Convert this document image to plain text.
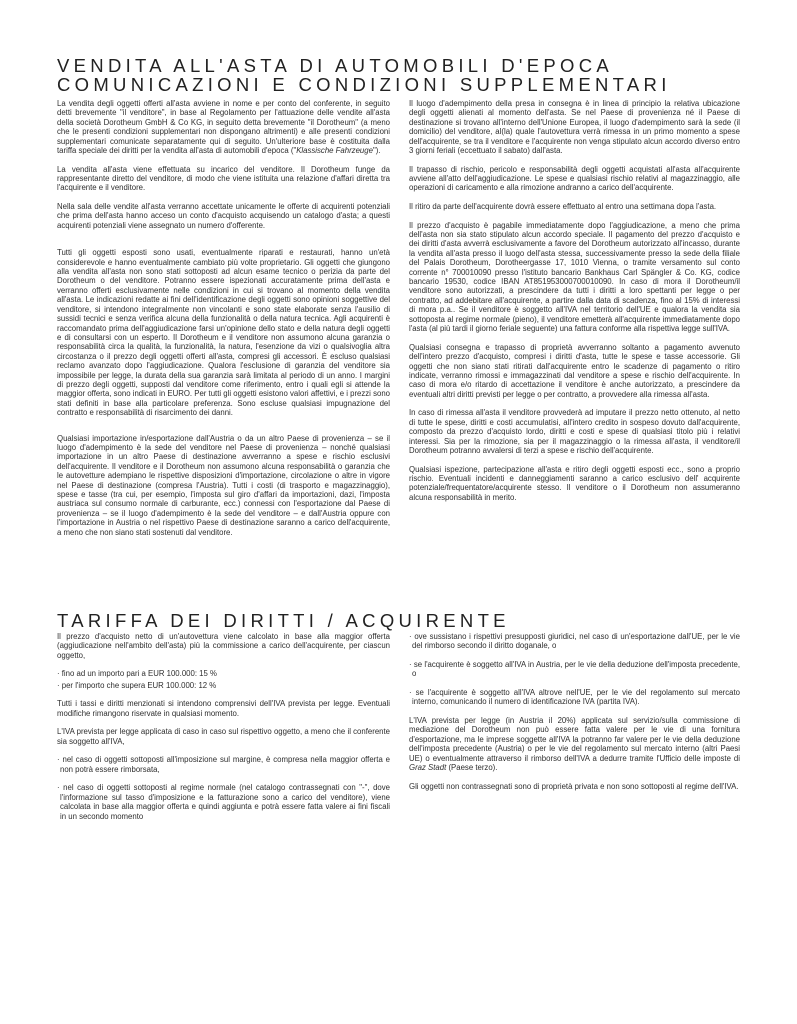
VENDITA ALL'ASTA DI AUTOMOBILI D'EPOCA
COMUNICAZIONI E CONDIZIONI SUPPLEMENTARI

La vendita degli oggetti offerti all'asta avviene in nome e per conto del conferente, in seguito detti brevemente "il venditore", in base al Regolamento per l'attuazione delle vendite all'asta della società Dorotheum GmbH & Co KG, in seguito detta brevemente "il Dorotheum" (a meno che le presenti condizioni supplementari non dispongano altrimenti) e alle presenti condizioni supplementari comunicate separatamente qui di seguito. Un'ulteriore base è costituita dalla tariffa speciale dei diritti per la vendita all'asta di automobili d'epoca ("Klassische Fahrzeuge").

La vendita all'asta viene effettuata su incarico del venditore. Il Dorotheum funge da rappresentante diretto del venditore, di modo che viene istituita una relazione d'affari diretta tra l'acquirente e il venditore.

Nella sala delle vendite all'asta verranno accettate unicamente le offerte di acquirenti potenziali che prima dell'asta hanno acceso un conto d'acquisto acquisendo un catalogo d'asta; a questi acquirenti potenziali viene assegnato un numero d'offerente.

Tutti gli oggetti esposti sono usati, eventualmente riparati e restaurati, hanno un'età considerevole e hanno eventualmente cambiato più volte proprietario. Gli oggetti che giungono alla vendita all'asta non sono stati sottoposti ad alcun esame tecnico o perizia da parte del Dorotheum o del venditore. Potranno essere ispezionati accuratamente prima dell'asta e verranno offerti esclusivamente nelle condizioni in cui si trovano al momento della vendita all'asta. Le indicazioni redatte ai fini dell'identificazione degli oggetti sono opinioni soggettive del venditore, si intendono integralmente non vincolanti e sono state elaborate senza l'ausilio di sussidi tecnici e senza verifica alcuna della funzionalità o della natura tecnica. Agli acquirenti è raccomandato prima dell'aggiudicazione farsi un'opinione dello stato e della natura degli oggetti e di consultarsi con un esperto. Il Dorotheum e il venditore non assumono alcuna garanzia o responsabilità circa la qualità, la funzionalità, la natura, l'esenzione da vizi o qualsivoglia altra circostanza o il prezzo degli oggetti offerti all'asta, compresi gli accessori. È escluso qualsiasi reclamo avanzato dopo l'aggiudicazione. Qualora l'esclusione di garanzia del venditore sia impossibile per legge, la durata della sua garanzia sarà limitata al periodo di un anno. I margini di prezzo degli oggetti, supposti dal venditore come riferimento, entro i quali egli si attende la maggior offerta, sono indicati in EURO. Per tutti gli oggetti esistono valori affettivi, e i prezzi sono stati definiti in base alla particolare preferenza. Sono escluse qualsiasi impugnazione del contratto e responsabilità di risarcimento dei danni.

Qualsiasi importazione in/esportazione dall'Austria o da un altro Paese di provenienza – se il luogo d'adempimento è la sede del venditore nel Paese di provenienza – nonché qualsiasi importazione in un altro Paese di destinazione avverranno a spese e rischio esclusivi dell'acquirente. Il venditore e il Dorotheum non assumono alcuna responsabilità o garanzia che le autovetture adempiano le rispettive disposizioni d'importazione, circolazione o altre in vigore nel Paese di destinazione (compresa l'Austria). Tutti i costi (di trasporto e magazzinaggio), spese e tasse (tra cui, per esempio, l'imposta sul giro d'affari da importazioni, dazi, l'imposta austriaca sul consumo normale di carburante, ecc.) connessi con l'esportazione dal Paese di provenienza – se il luogo d'adempimento è la sede del venditore – e dall'Austria oppure con l'importazione in Austria o nel rispettivo Paese di destinazione saranno a carico dell'acquirente, a meno che non siano stati sostenuti dal venditore.

Il luogo d'adempimento della presa in consegna è in linea di principio la relativa ubicazione degli oggetti alienati al momento dell'asta. Se nel Paese di provenienza né il Paese di destinazione si trovano all'interno dell'Unione Europea, il luogo d'adempimento sarà la sede (il domicilio) del venditore, al(la) quale l'autovettura verrà rimessa in un primo momento a spese dell'acquirente, se tra il venditore e l'acquirente non venga stipulato alcun accordo diverso entro 3 giorni feriali (eccettuato il sabato) dall'asta.

Il trapasso di rischio, pericolo e responsabilità degli oggetti acquistati all'asta all'acquirente avviene all'atto dell'aggiudicazione. Le spese e qualsiasi rischio relativi al magazzinaggio, alle operazioni di caricamento e alla rimozione andranno a carico dell'acquirente.

Il ritiro da parte dell'acquirente dovrà essere effettuato al entro una settimana dopa l'asta.

Il prezzo d'acquisto è pagabile immediatamente dopo l'aggiudicazione, a meno che prima dell'asta non sia stato stipulato alcun accordo speciale. Il pagamento del prezzo d'acquisto e dei diritti d'asta avverrà esclusivamente a favore del Dorotheum autorizzato all'incasso, durante la vendita all'asta presso il luogo dell'asta stessa, successivamente presso la sede della filiale del Palais Dorotheum, Dorotheergasse 17, 1010 Vienna, o tramite versamento sul conto corrente n° 700010090 presso l'istituto bancario Bankhaus Carl Spängler & Co. KG, codice bancario 19530, codice IBAN AT851953000700010090. In caso di mora il Dorotheum/il venditore sono autorizzati, a prescindere da tutti i diritti a loro spettanti per legge o per contratto, ad addebitare all'acquirente, a partire dalla data di scadenza, fino al 15% di interessi di mora p.a.. Se il venditore è soggetto all'IVA nel territorio dell'UE e qualora la vendita sia sottoposta al regime normale (pieno), il venditore emetterà all'acquirente immediatamente dopo l'asta (al più tardi il giorno feriale seguente) una fattura conforme alla rispettiva legge sull'IVA.

Qualsiasi consegna e trapasso di proprietà avverranno soltanto a pagamento avvenuto dell'intero prezzo d'acquisto, compresi i diritti d'asta, tutte le spese e tasse accessorie. Gli oggetti che non siano stati ritirati dall'acquirente entro le scadenze di pagamento o ritiro indicate, verranno rimossi e immagazzinati dal venditore a spese e rischio dell'acquirente. In caso di mora e/o ritardo di accettazione il venditore è anche autorizzato, a prescindere da eventuali altri diritti previsti per legge o per contratto, a provvedere alla rimessa all'asta.

In caso di rimessa all'asta il venditore provvederà ad imputare il prezzo netto ottenuto, al netto di tutte le spese, diritti e costi accumulatisi, all'intero credito in sospeso dovuto dall'acquirente, composto da prezzo d'acquisto lordo, diritti e costi e spese di qualsiasi titolo più i relativi interessi. Sia per la rimozione, sia per il magazzinaggio o la rimessa all'asta, il venditore/il Dorotheum potranno avvalersi di terzi a spese e rischio dell'acquirente.

Qualsiasi ispezione, partecipazione all'asta e ritiro degli oggetti esposti ecc., sono a proprio rischio. Eventuali incidenti e danneggiamenti saranno a carico esclusivo dell' acquirente potenziale/frequentatore/acquirente stesso. Il venditore o il Dorotheum non assumeranno alcuna responsabilità in merito.

TARIFFA DEI DIRITTI / ACQUIRENTE

Il prezzo d'acquisto netto di un'autovettura viene calcolato in base alla maggior offerta (aggiudicazione nell'ambito dell'asta) più la commissione a carico dell'acquirente, per ciascun oggetto,

· fino ad un importo pari a EUR 100.000: 15 %

· per l'importo che supera EUR 100.000: 12 %

Tutti i tassi e diritti menzionati si intendono comprensivi dell'IVA prevista per legge. Eventuali modifiche rimangono riservate in qualsiasi momento.

L'IVA prevista per legge applicata di caso in caso sul rispettivo oggetto, a meno che il conferente sia soggetto all'IVA,

· nel caso di oggetti sottoposti all'imposizione sul margine, è compresa nella maggior offerta e non potrà essere rimborsata,

· nel caso di oggetti sottoposti al regime normale (nel catalogo contrassegnati con "-", dove l'informazione sul tasso d'imposizione e la fatturazione sono a carico del venditore), viene calcolata in base alla maggior offerta e quindi aggiunta e potrà essere fatta valere ai fini fiscali in un secondo momento

· ove sussistano i rispettivi presupposti giuridici, nel caso di un'esportazione dall'UE, per le vie del rimborso secondo il diritto doganale, o

· se l'acquirente è soggetto all'IVA in Austria, per le vie della deduzione dell'imposta precedente, o

· se l'acquirente è soggetto all'IVA altrove nell'UE, per le vie del regolamento sul mercato interno, comunicando il numero di identificazione IVA (partita IVA).

L'IVA prevista per legge (in Austria il 20%) applicata sul servizio/sulla commissione di mediazione del Dorotheum non può essere fatta valere per le vie di una fornitura d'esportazione, ma le imprese soggette all'IVA la potranno far valere per le vie della deduzione dell'imposta precedente (Austria) o per le vie del regolamento sul mercato interno (altri Paesi UE) o eventualmente attraverso il rimborso dell'IVA a dedurre tramite l'Ufficio delle imposte di Graz Stadt (Paese terzo).

Gli oggetti non contrassegnati sono di proprietà privata e non sono sottoposti al regime dell'IVA.
